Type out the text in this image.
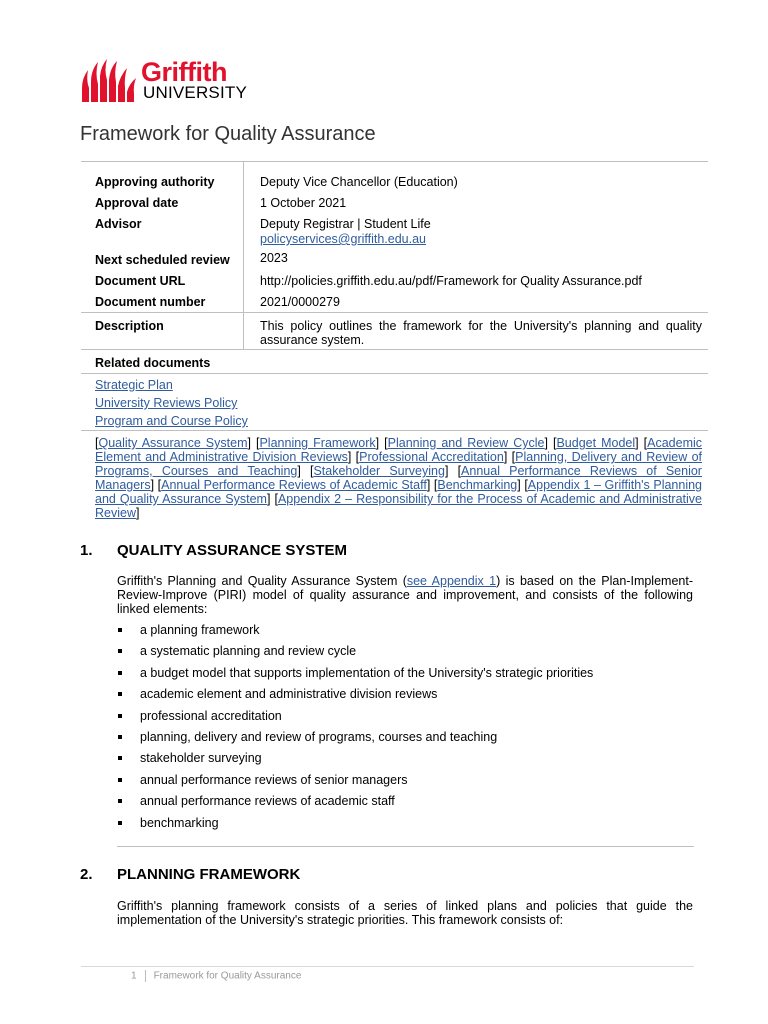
Griffith
UNIVERSITY
Framework for Quality Assurance
Approving authority	Deputy Vice Chancellor (Education)
Approval date	1 October 2021
Advisor	Deputy Registrar | Student Life
policyservices@griffith.edu.au
Next scheduled review 2023
Document URL	http://policies.griffith.edu.au/pdf/Framework for Quality Assurance.pdf
Document number	2021/0000279
Description	This policy outlines the framework for the University's planning and quality assurance system.
Related documents
Strategic Plan
University Reviews Policy
Program and Course Policy
[Quality Assurance System] [Planning Framework] [Planning and Review Cycle] [Budget Model] [Academic Element and Administrative Division Reviews] [Professional Accreditation] [Planning, Delivery and Review of Programs, Courses and Teaching] [Stakeholder Surveying] [Annual Performance Reviews of Senior Managers] [Annual Performance Reviews of Academic Staff] [Benchmarking] [Appendix 1 – Griffith's Planning and Quality Assurance System] [Appendix 2 – Responsibility for the Process of Academic and Administrative Review]
1. QUALITY ASSURANCE SYSTEM
Griffith's Planning and Quality Assurance System (see Appendix 1) is based on the Plan-Implement-Review-Improve (PIRI) model of quality assurance and improvement, and consists of the following linked elements:
a planning framework
a systematic planning and review cycle
a budget model that supports implementation of the University's strategic priorities
academic element and administrative division reviews
professional accreditation
planning, delivery and review of programs, courses and teaching
stakeholder surveying
annual performance reviews of senior managers
annual performance reviews of academic staff
benchmarking
2. PLANNING FRAMEWORK
Griffith's planning framework consists of a series of linked plans and policies that guide the implementation of the University's strategic priorities. This framework consists of:
1 Framework for Quality Assurance
